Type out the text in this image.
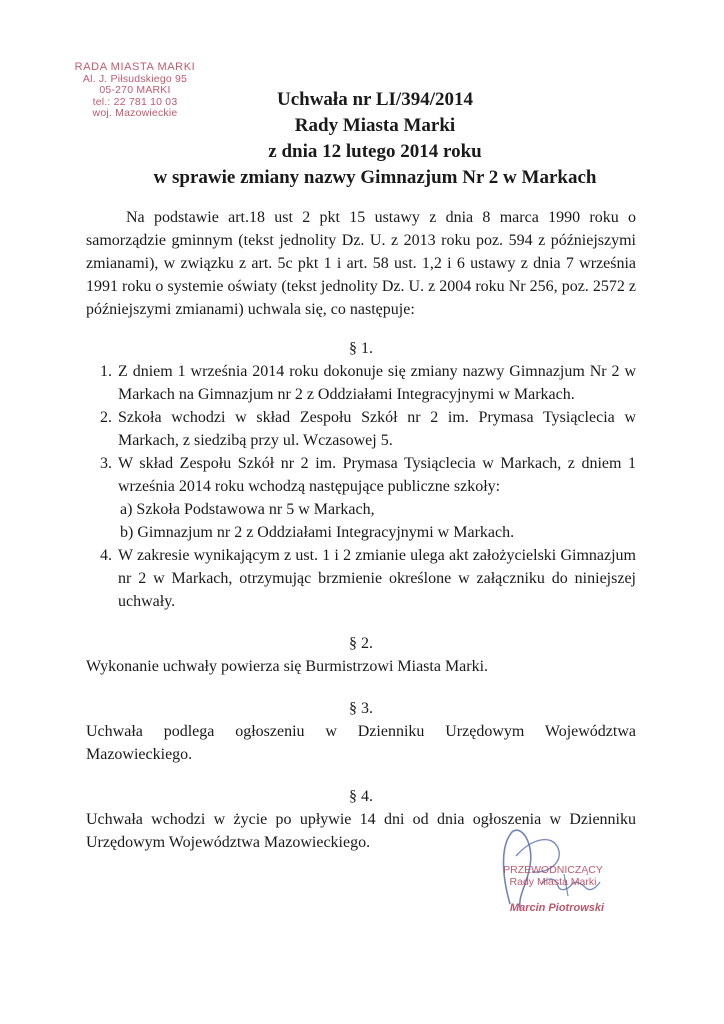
RADA MIASTA MARKI
Al. J. Piłsudskiego 95
05-270 MARKI
tel.: 22 781 10 03
woj. Mazowieckie
Uchwała nr LI/394/2014
Rady Miasta Marki
z dnia 12 lutego 2014 roku
w sprawie zmiany nazwy Gimnazjum Nr 2 w Markach

Na podstawie art.18 ust 2 pkt 15 ustawy z dnia 8 marca 1990 roku o samorządzie gminnym (tekst jednolity Dz. U. z 2013 roku poz. 594 z późniejszymi zmianami), w związku z art. 5c pkt 1 i art. 58 ust. 1,2 i 6 ustawy z dnia 7 września 1991 roku o systemie oświaty (tekst jednolity Dz. U. z 2004 roku Nr 256, poz. 2572 z późniejszymi zmianami) uchwala się, co następuje:

§ 1.

1. Z dniem 1 września 2014 roku dokonuje się zmiany nazwy Gimnazjum Nr 2 w Markach na Gimnazjum nr 2 z Oddziałami Integracyjnymi w Markach.
2. Szkoła wchodzi w skład Zespołu Szkół nr 2 im. Prymasa Tysiąclecia w Markach, z siedzibą przy ul. Wczasowej 5.
3. W skład Zespołu Szkół nr 2 im. Prymasa Tysiąclecia w Markach, z dniem 1 września 2014 roku wchodzą następujące publiczne szkoły:
a) Szkoła Podstawowa nr 5 w Markach,
b) Gimnazjum nr 2 z Oddziałami Integracyjnymi w Markach.
4. W zakresie wynikającym z ust. 1 i 2 zmianie ulega akt założycielski Gimnazjum nr 2 w Markach, otrzymując brzmienie określone w załączniku do niniejszej uchwały.

§ 2.

Wykonanie uchwały powierza się Burmistrzowi Miasta Marki.

§ 3.

Uchwała podlega ogłoszeniu w Dzienniku Urzędowym Województwa Mazowieckiego.

§ 4.

Uchwała wchodzi w życie po upływie 14 dni od dnia ogłoszenia w Dzienniku Urzędowym Województwa Mazowieckiego.

PRZEWODNICZĄCY
Rady Miasta Marki
Marcin Piotrowski
